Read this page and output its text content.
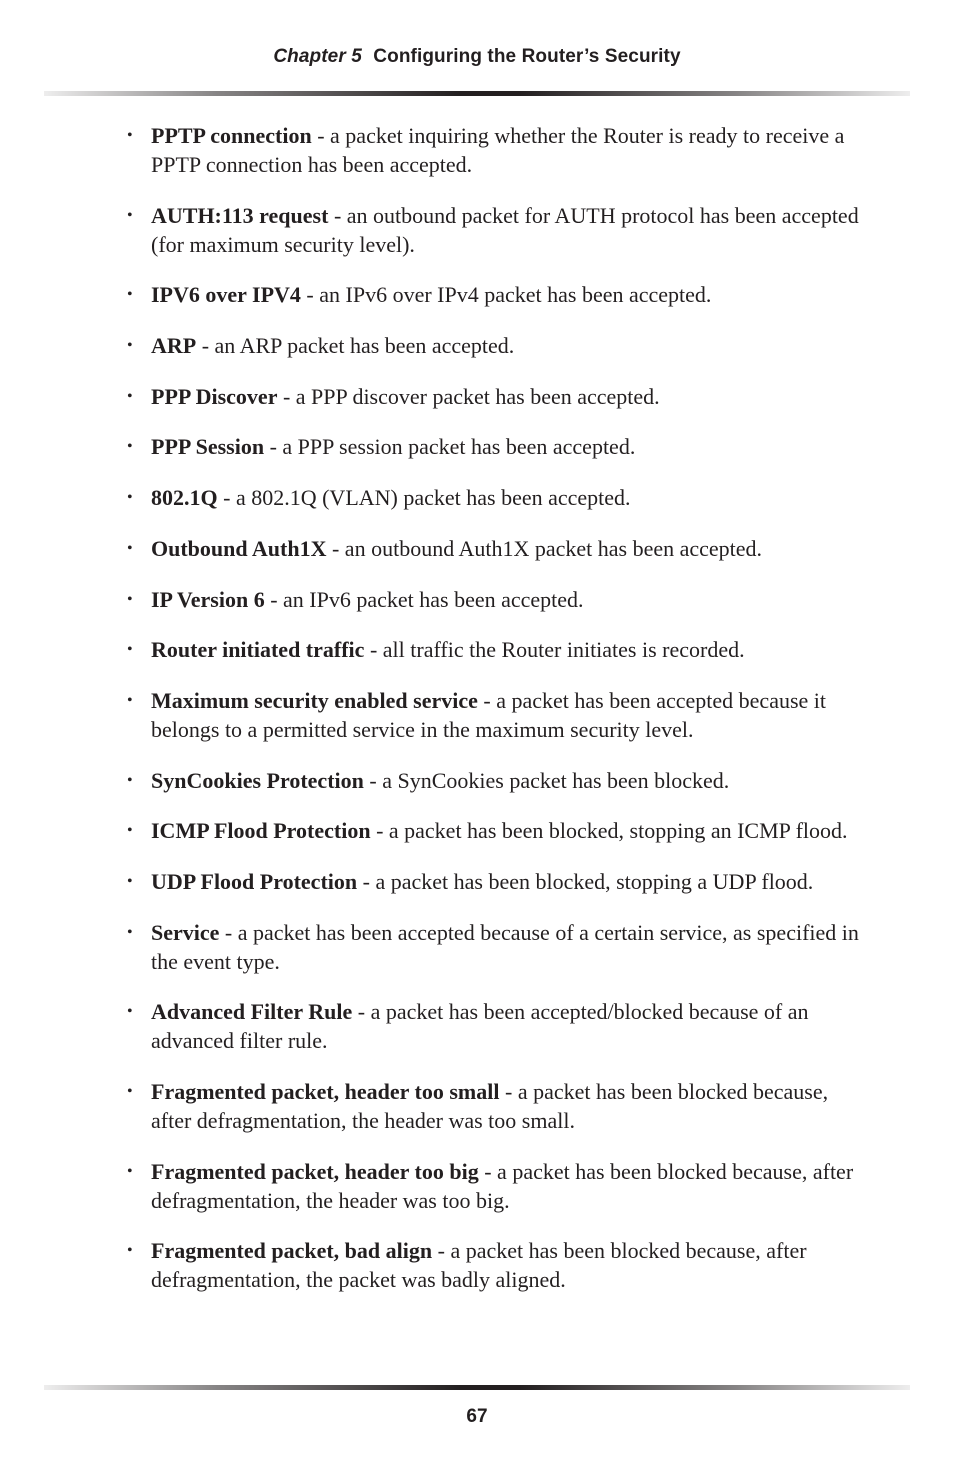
Chapter 5 Configuring the Router’s Security
• PPTP connection - a packet inquiring whether the Router is ready to receive a PPTP connection has been accepted.
• AUTH:113 request - an outbound packet for AUTH protocol has been accepted (for maximum security level).
• IPV6 over IPV4 - an IPv6 over IPv4 packet has been accepted.
• ARP - an ARP packet has been accepted.
• PPP Discover - a PPP discover packet has been accepted.
• PPP Session - a PPP session packet has been accepted.
• 802.1Q - a 802.1Q (VLAN) packet has been accepted.
• Outbound Auth1X - an outbound Auth1X packet has been accepted.
• IP Version 6 - an IPv6 packet has been accepted.
• Router initiated traffic - all traffic the Router initiates is recorded.
• Maximum security enabled service - a packet has been accepted because it belongs to a permitted service in the maximum security level.
• SynCookies Protection - a SynCookies packet has been blocked.
• ICMP Flood Protection - a packet has been blocked, stopping an ICMP flood.
• UDP Flood Protection - a packet has been blocked, stopping a UDP flood.
• Service - a packet has been accepted because of a certain service, as specified in the event type.
• Advanced Filter Rule - a packet has been accepted/blocked because of an advanced filter rule.
• Fragmented packet, header too small - a packet has been blocked because, after defragmentation, the header was too small.
• Fragmented packet, header too big - a packet has been blocked because, after defragmentation, the header was too big.
• Fragmented packet, bad align - a packet has been blocked because, after defragmentation, the packet was badly aligned.
67
